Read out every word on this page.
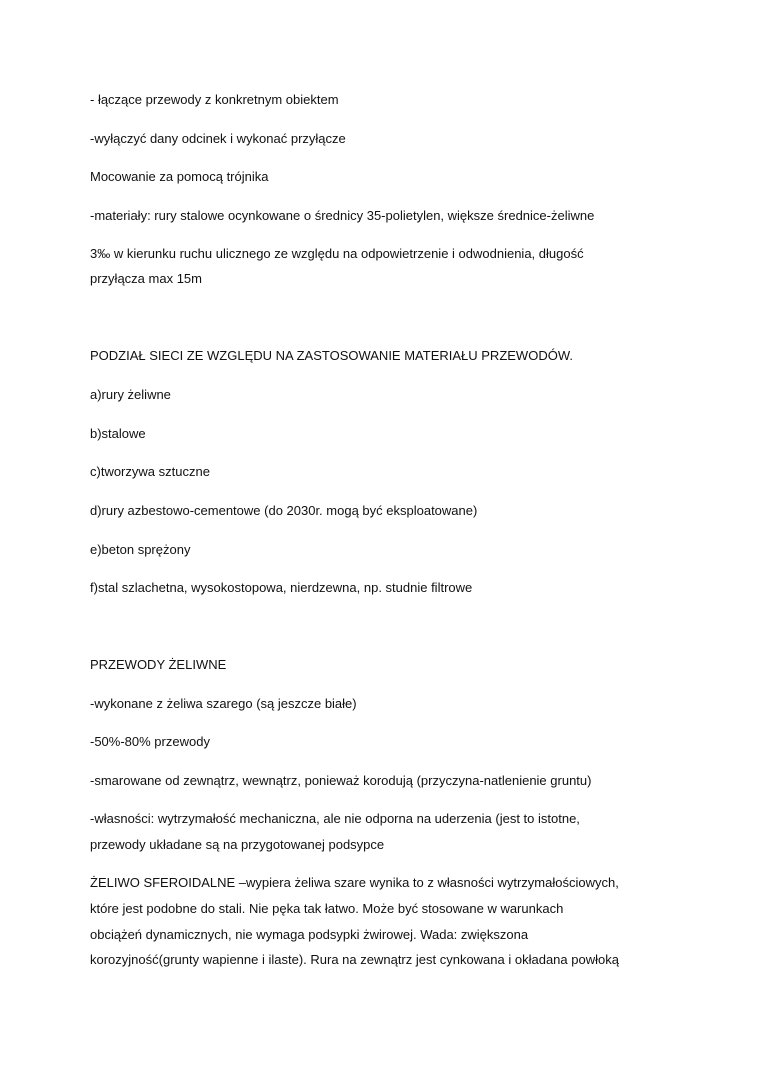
- łączące przewody z konkretnym obiektem
-wyłączyć dany odcinek i wykonać przyłącze
Mocowanie za pomocą trójnika
-materiały: rury stalowe ocynkowane o średnicy 35-polietylen, większe średnice-żeliwne
3‰ w kierunku ruchu ulicznego ze względu na odpowietrzenie i odwodnienia, długość
przyłącza max 15m
PODZIAŁ SIECI ZE WZGLĘDU NA ZASTOSOWANIE MATERIAŁU PRZEWODÓW.
a)rury żeliwne
b)stalowe
c)tworzywa sztuczne
d)rury azbestowo-cementowe (do 2030r. mogą być eksploatowane)
e)beton sprężony
f)stal szlachetna, wysokostopowa, nierdzewna, np. studnie filtrowe
PRZEWODY ŻELIWNE
-wykonane z żeliwa szarego (są jeszcze białe)
-50%-80% przewody
-smarowane od zewnątrz, wewnątrz, ponieważ korodują (przyczyna-natlenienie gruntu)
-własności: wytrzymałość mechaniczna, ale nie odporna na uderzenia (jest to istotne,
przewody układane są na przygotowanej podsypce
ŻELIWO SFEROIDALNE –wypiera żeliwa szare wynika to z własności wytrzymałościowych,
które jest podobne do stali. Nie pęka tak łatwo. Może być stosowane w warunkach
obciążeń dynamicznych, nie wymaga podsypki żwirowej. Wada: zwiększona
korozyjność(grunty wapienne i ilaste). Rura na zewnątrz jest cynkowana i okładana powłoką
